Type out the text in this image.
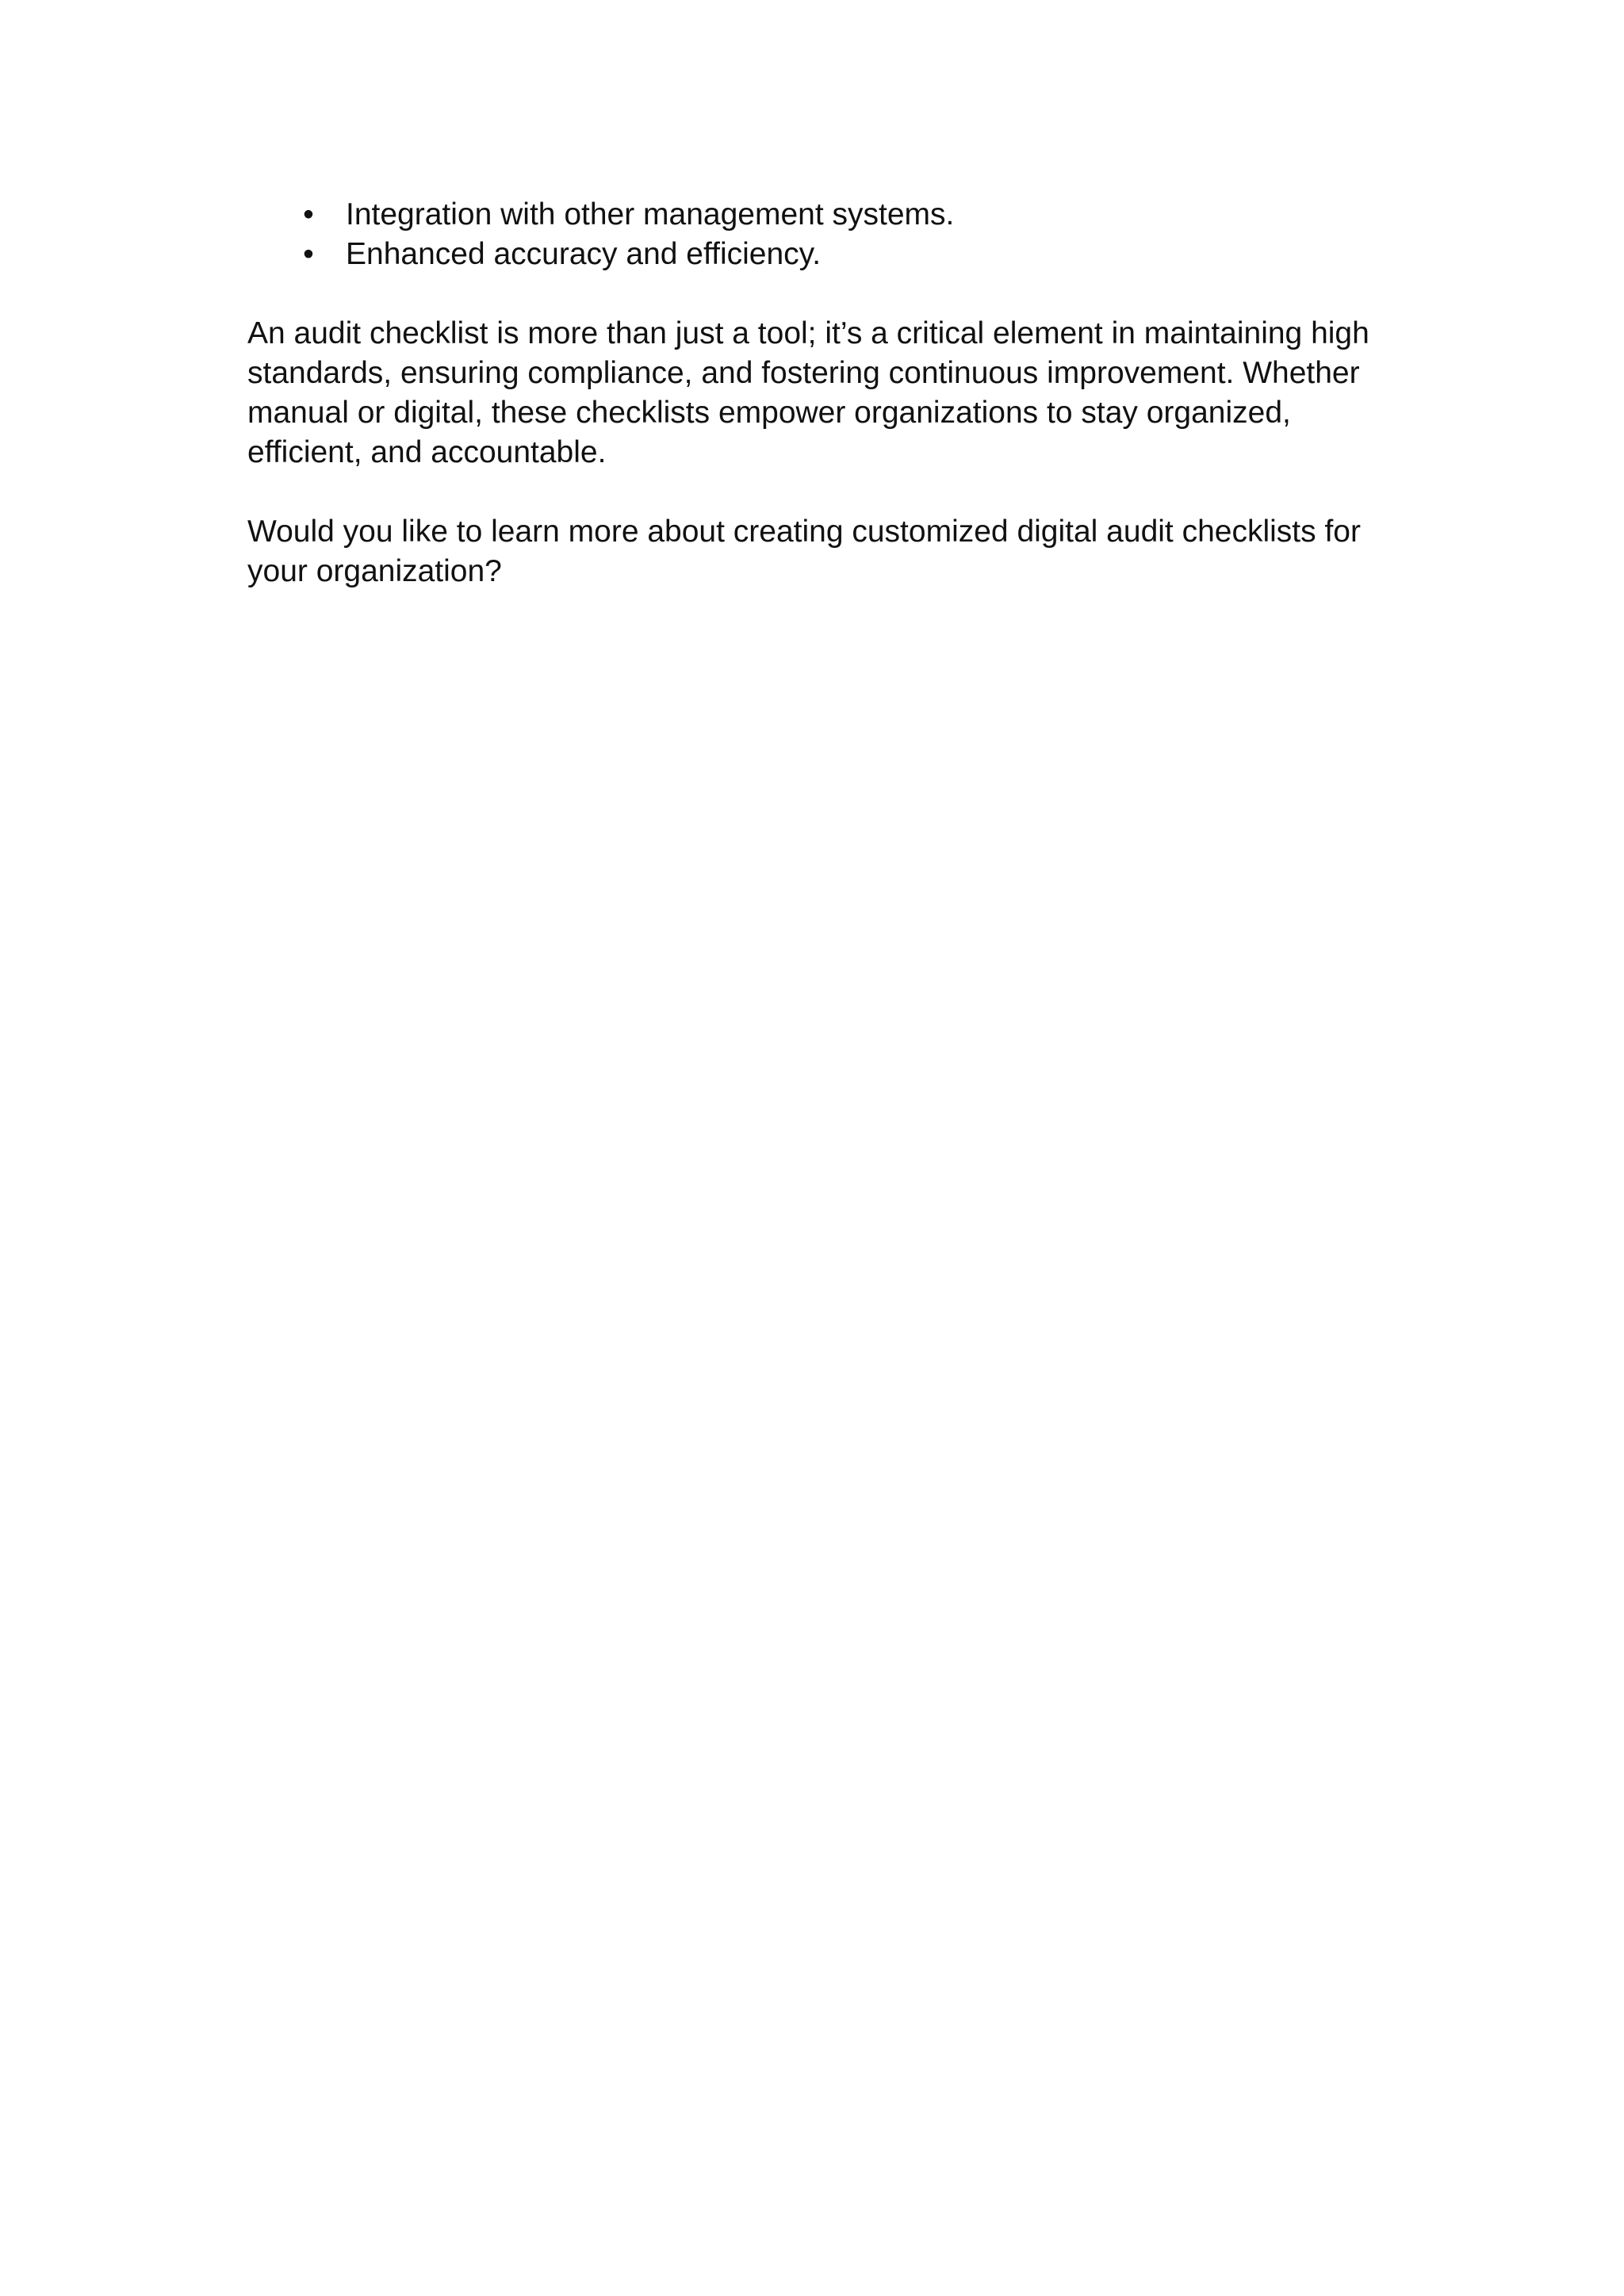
• Integration with other management systems.
• Enhanced accuracy and efficiency.

An audit checklist is more than just a tool; it’s a critical element in maintaining high standards, ensuring compliance, and fostering continuous improvement. Whether manual or digital, these checklists empower organizations to stay organized, efficient, and accountable.

Would you like to learn more about creating customized digital audit checklists for your organization?
